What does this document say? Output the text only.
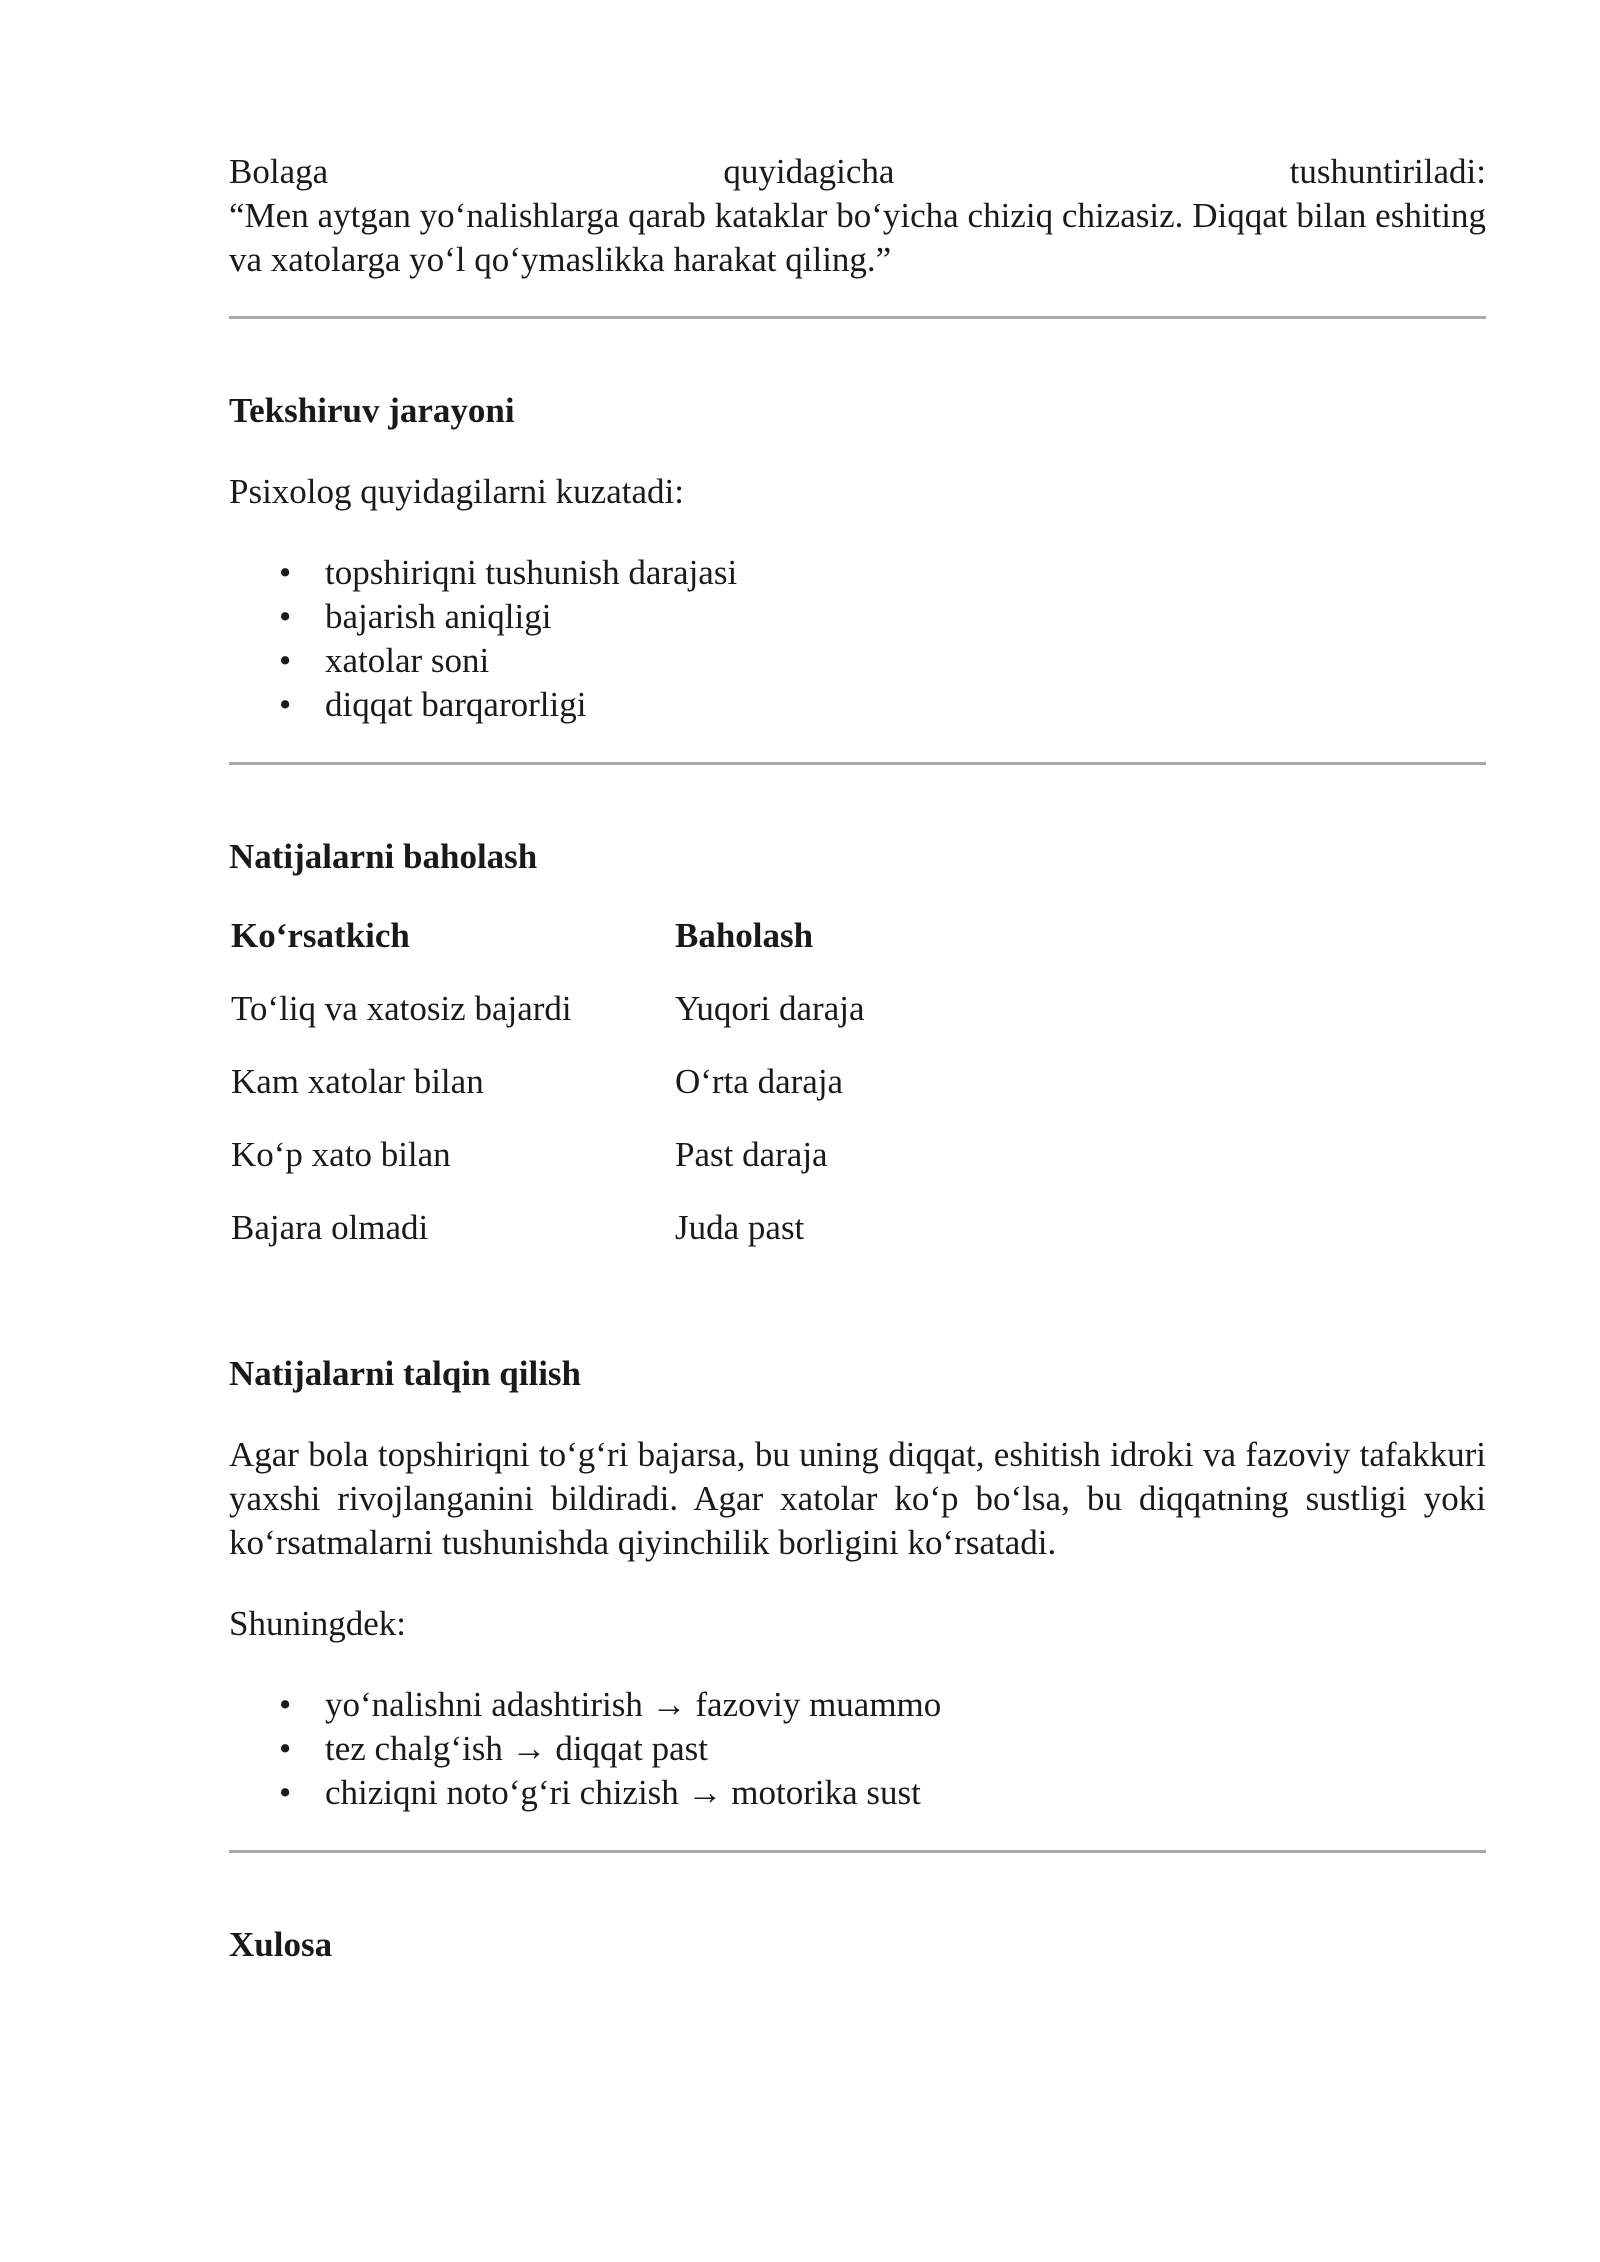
Bolaga	quyidagicha	tushuntiriladi:

“Men aytgan yo‘nalishlarga qarab kataklar bo‘yicha chiziq chizasiz. Diqqat bilan eshiting va xatolarga yo‘l qo‘ymaslikka harakat qiling.”

Tekshiruv jarayoni

Psixolog quyidagilarni kuzatadi:

• topshiriqni tushunish darajasi
• bajarish aniqligi
• xatolar soni
• diqqat barqarorligi
Natijalarni baholash
Ko‘rsatkich	Baholash
To‘liq va xatosiz bajardi	Yuqori daraja
Kam xatolar bilan	O‘rta daraja
Ko‘p xato bilan	Past daraja
Bajara olmadi	Juda past
Natijalarni talqin qilish

Agar bola topshiriqni to‘g‘ri bajarsa, bu uning diqqat, eshitish idroki va fazoviy tafakkuri yaxshi rivojlanganini bildiradi. Agar xatolar ko‘p bo‘lsa, bu diqqatning sustligi yoki ko‘rsatmalarni tushunishda qiyinchilik borligini ko‘rsatadi.

Shuningdek:

• yo‘nalishni adashtirish → fazoviy muammo
• tez chalg‘ish → diqqat past
• chiziqni noto‘g‘ri chizish → motorika sust
Xulosa
